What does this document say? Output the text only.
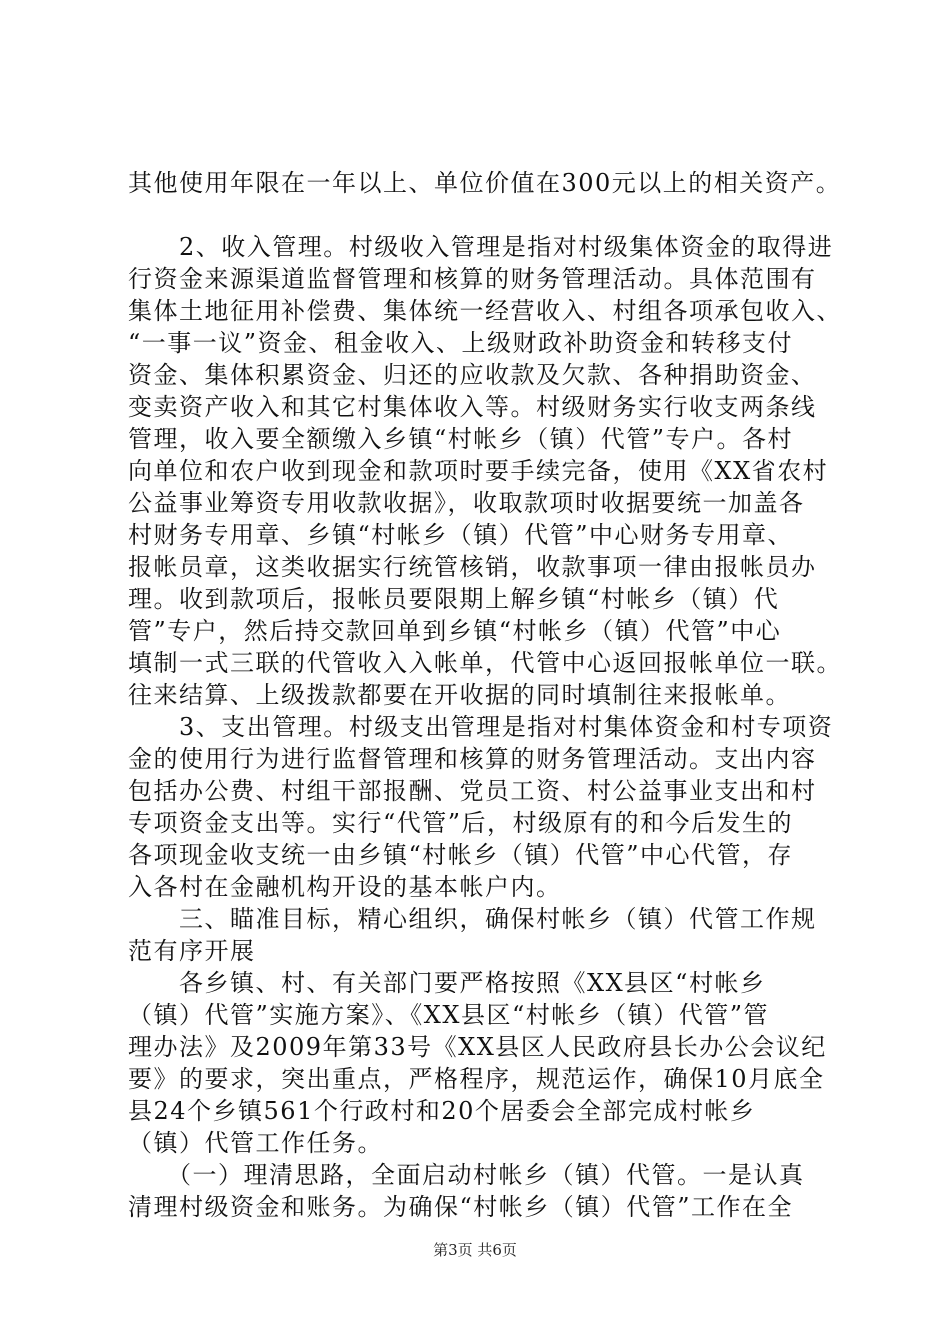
其他使用年限在一年以上、单位价值在300元以上的相关资产。
　　2、收入管理。村级收入管理是指对村级集体资金的取得进
行资金来源渠道监督管理和核算的财务管理活动。具体范围有
集体土地征用补偿费、集体统一经营收入、村组各项承包收入、
“一事一议”资金、租金收入、上级财政补助资金和转移支付
资金、集体积累资金、归还的应收款及欠款、各种捐助资金、
变卖资产收入和其它村集体收入等。村级财务实行收支两条线
管理，收入要全额缴入乡镇“村帐乡（镇）代管”专户。各村
向单位和农户收到现金和款项时要手续完备，使用《XX省农村
公益事业筹资专用收款收据》，收取款项时收据要统一加盖各
村财务专用章、乡镇“村帐乡（镇）代管”中心财务专用章、
报帐员章，这类收据实行统管核销，收款事项一律由报帐员办
理。收到款项后，报帐员要限期上解乡镇“村帐乡（镇）代
管”专户，然后持交款回单到乡镇“村帐乡（镇）代管”中心
填制一式三联的代管收入入帐单，代管中心返回报帐单位一联。
往来结算、上级拨款都要在开收据的同时填制往来报帐单。
　　3、支出管理。村级支出管理是指对村集体资金和村专项资
金的使用行为进行监督管理和核算的财务管理活动。支出内容
包括办公费、村组干部报酬、党员工资、村公益事业支出和村
专项资金支出等。实行“代管”后，村级原有的和今后发生的
各项现金收支统一由乡镇“村帐乡（镇）代管”中心代管，存
入各村在金融机构开设的基本帐户内。
　　三、瞄准目标，精心组织，确保村帐乡（镇）代管工作规
范有序开展
　　各乡镇、村、有关部门要严格按照《XX县区“村帐乡
（镇）代管”实施方案》、《XX县区“村帐乡（镇）代管”管
理办法》及2009年第33号《XX县区人民政府县长办公会议纪
要》的要求，突出重点，严格程序，规范运作，确保10月底全
县24个乡镇561个行政村和20个居委会全部完成村帐乡
（镇）代管工作任务。
　　（一）理清思路，全面启动村帐乡（镇）代管。一是认真
清理村级资金和账务。为确保“村帐乡（镇）代管”工作在全
第3页 共6页
